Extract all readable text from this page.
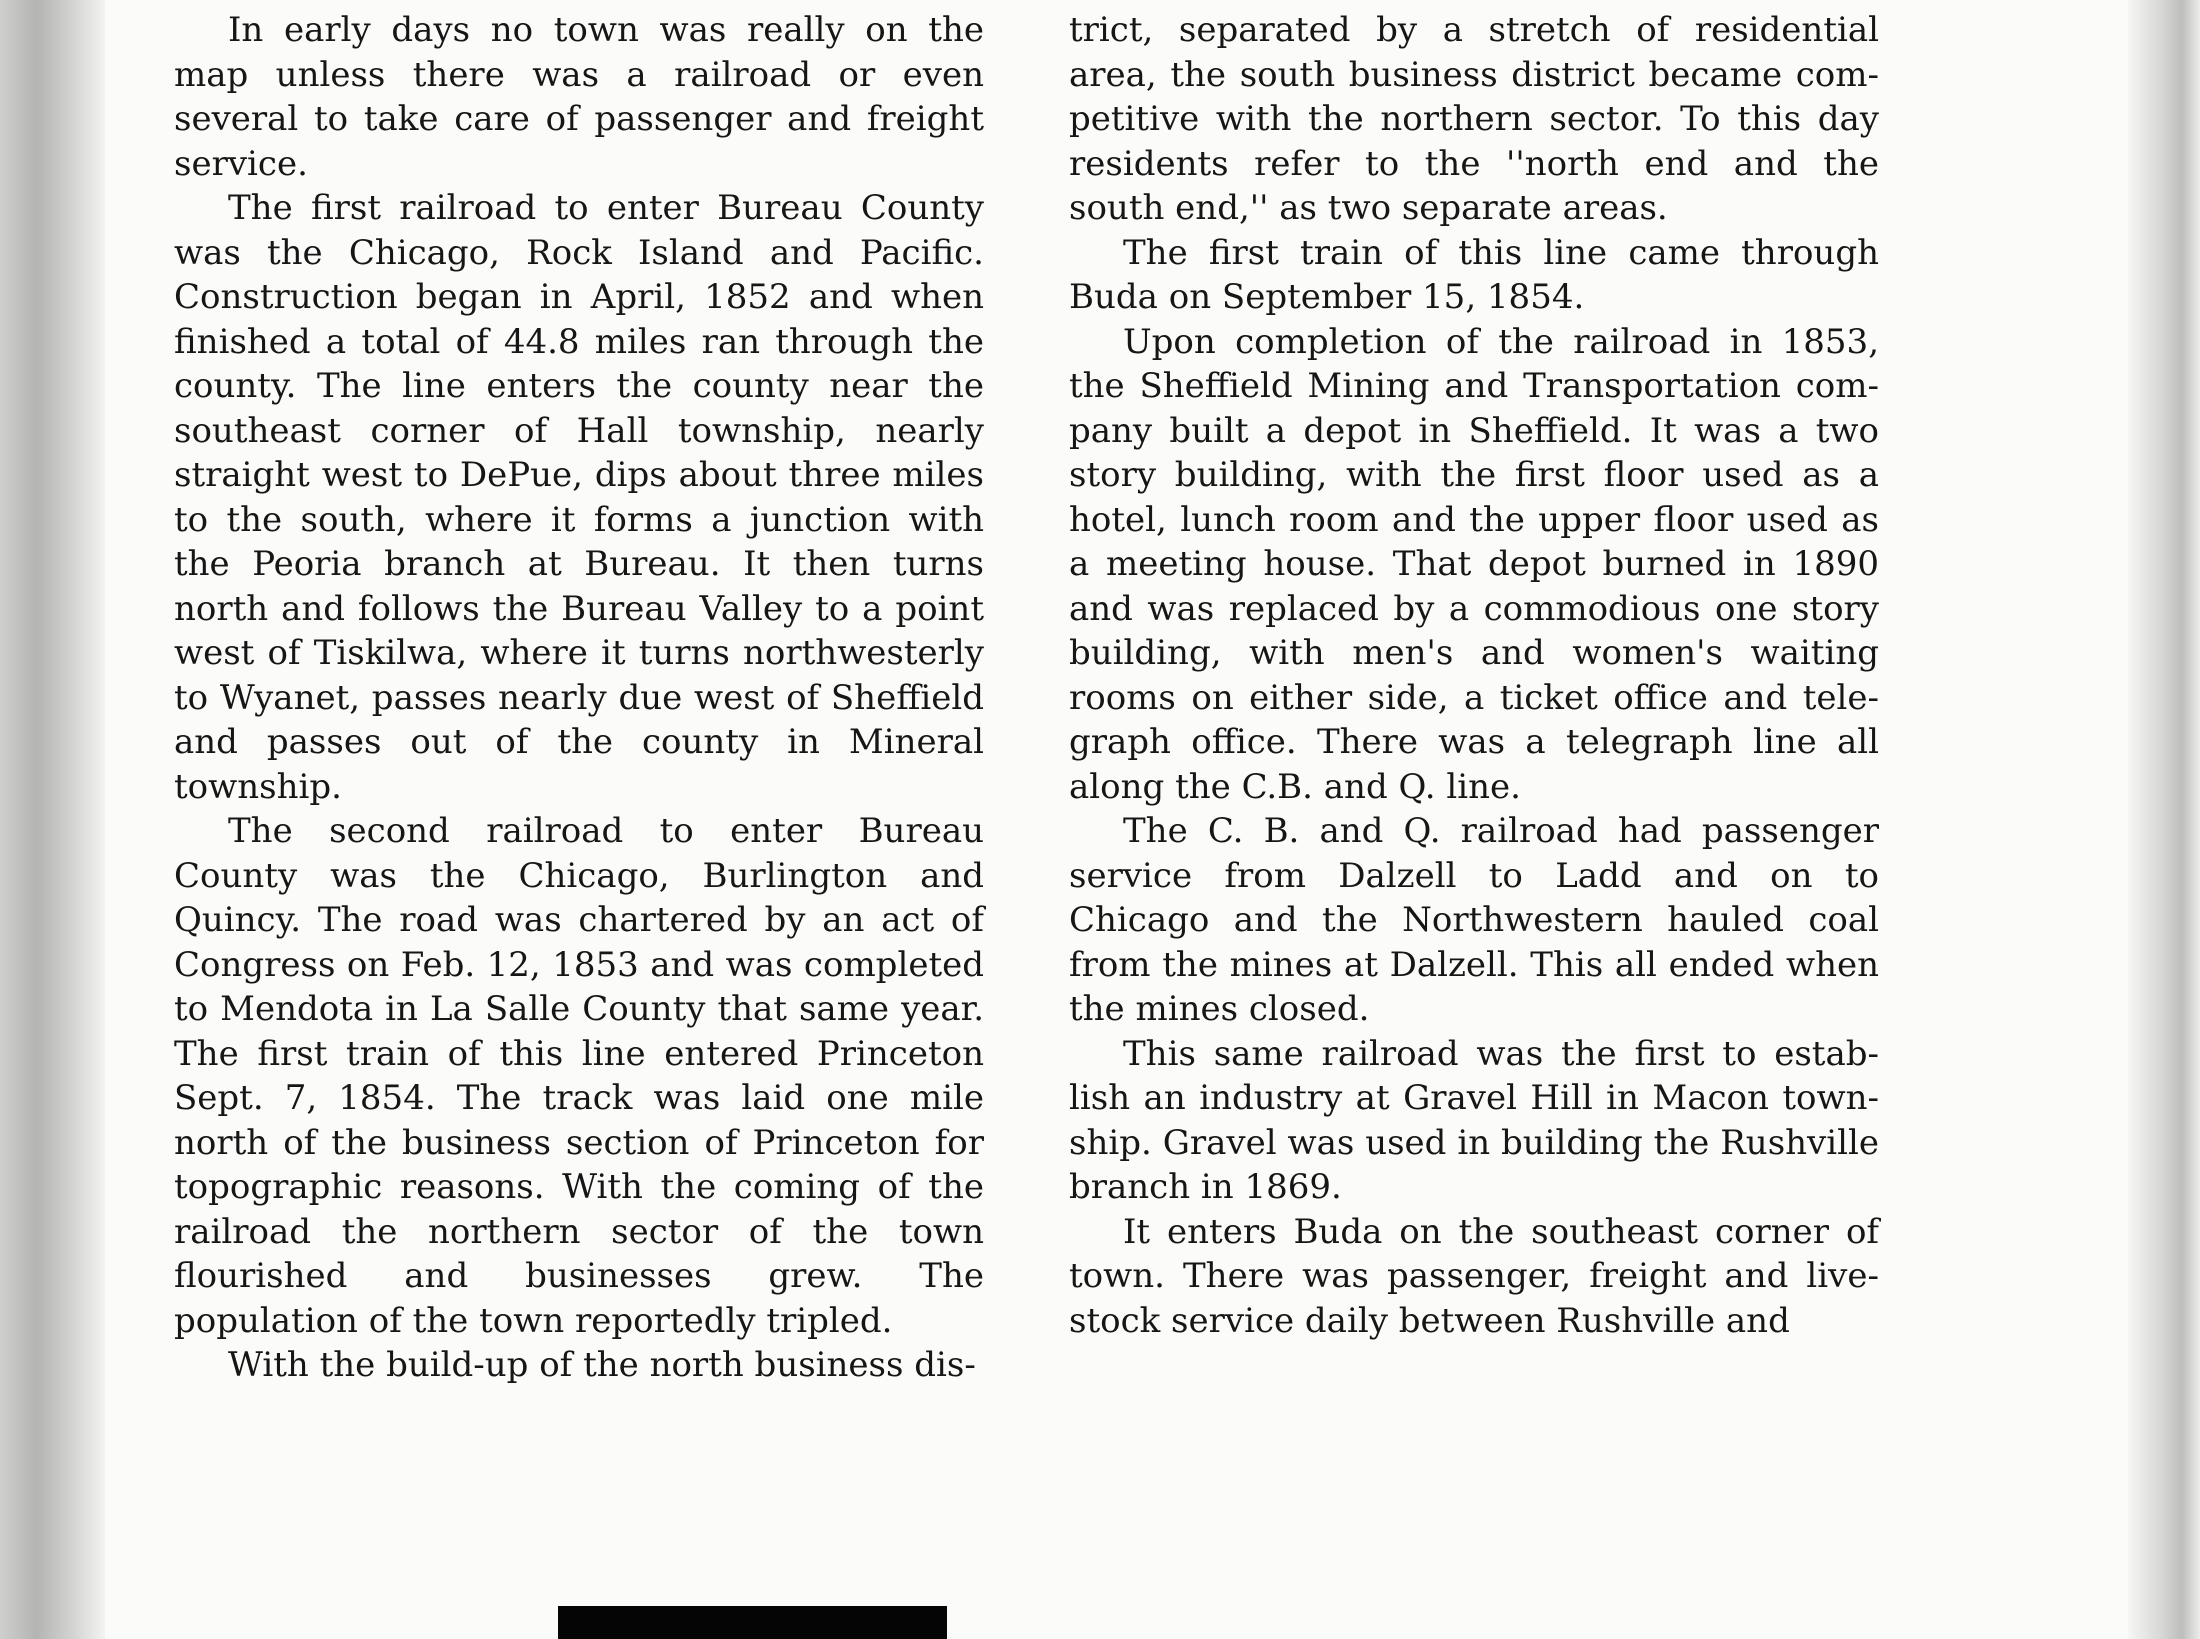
In early days no town was really on the map unless there was a railroad or even several to take care of passenger and freight service.

The first railroad to enter Bureau County was the Chicago, Rock Island and Pacific. Construction began in April, 1852 and when finished a total of 44.8 miles ran through the county. The line enters the county near the southeast corner of Hall township, nearly straight west to DePue, dips about three miles to the south, where it forms a junction with the Peoria branch at Bureau. It then turns north and follows the Bureau Valley to a point west of Tiskilwa, where it turns northwesterly to Wyanet, passes nearly due west of Sheffield and passes out of the county in Mineral township.

The second railroad to enter Bureau County was the Chicago, Burlington and Quincy. The road was chartered by an act of Congress on Feb. 12, 1853 and was completed to Mendota in La Salle County that same year. The first train of this line entered Princeton Sept. 7, 1854. The track was laid one mile north of the business section of Princeton for topographic reasons. With the coming of the railroad the northern sector of the town flourished and businesses grew. The population of the town reportedly tripled.

With the build-up of the north business dis-

trict, separated by a stretch of residential area, the south business district became competitive with the northern sector. To this day residents refer to the ''north end and the south end,'' as two separate areas.

The first train of this line came through Buda on September 15, 1854.

Upon completion of the railroad in 1853, the Sheffield Mining and Transportation company built a depot in Sheffield. It was a two story building, with the first floor used as a hotel, lunch room and the upper floor used as a meeting house. That depot burned in 1890 and was replaced by a commodious one story building, with men's and women's waiting rooms on either side, a ticket office and telegraph office. There was a telegraph line all along the C.B. and Q. line.

The C. B. and Q. railroad had passenger service from Dalzell to Ladd and on to Chicago and the Northwestern hauled coal from the mines at Dalzell. This all ended when the mines closed.

This same railroad was the first to establish an industry at Gravel Hill in Macon township. Gravel was used in building the Rushville branch in 1869.

It enters Buda on the southeast corner of town. There was passenger, freight and livestock service daily between Rushville and
